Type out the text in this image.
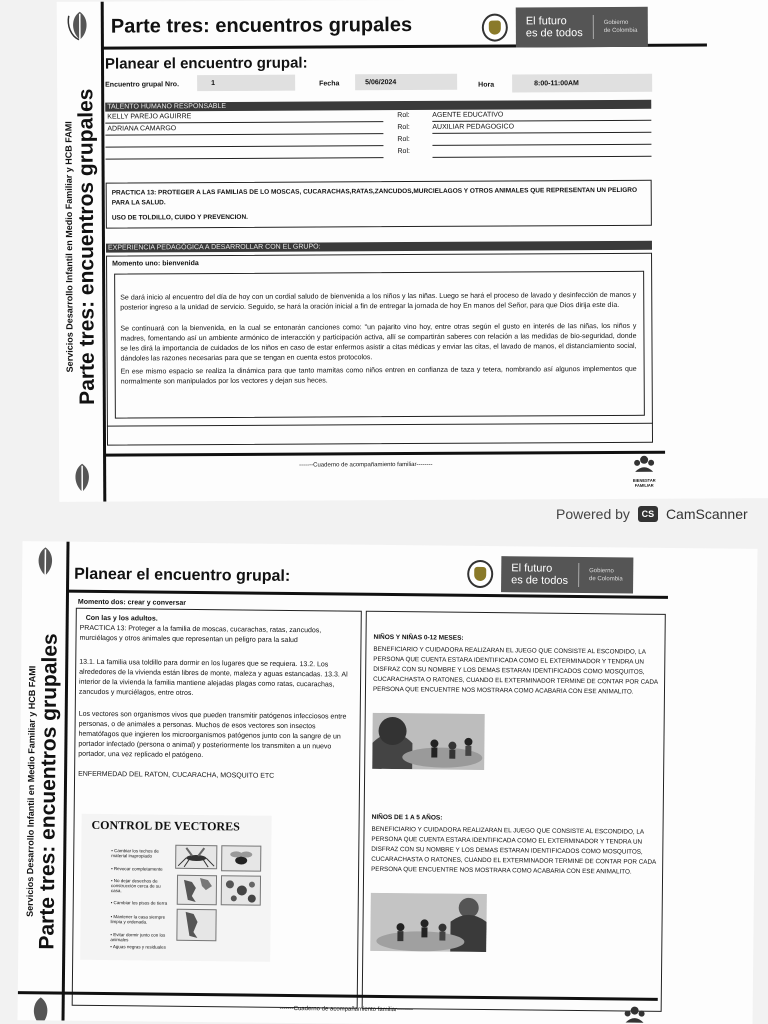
Servicios Desarrollo Infantil en Medio Familiar y HCB FAMI Parte tres: encuentros grupales
Parte tres: encuentros grupales	El futuro
es de todos
Gobierno
de Colombia
Planear el encuentro grupal:
Encuentro grupal Nro.	1	Fecha	5/06/2024	Hora	8:00-11:00AM
TALENTO HUMANO RESPONSABLE
PRACTICA 13: PROTEGER A LAS FAMILIAS DE LO MOSCAS, CUCARACHAS,RATAS,ZANCUDOS,MURCIELAGOS Y OTROS ANIMALES QUE REPRESENTAN UN PELIGRO PARA LA SALUD.
USO DE TOLDILLO, CUIDO Y PREVENCION.
EXPERIENCIA PEDAGÓGICA A DESARROLLAR CON EL GRUPO:
Momento uno: bienvenida
Se dará inicio al encuentro del día de hoy con un cordial saludo de bienvenida a los niños y las niñas. Luego se hará el proceso de lavado y desinfección de manos y posterior ingreso a la unidad de servicio. Seguido, se hará la oración inicial a fin de entregar la jornada de hoy En manos del Señor, para que Dios dirija este día.
Se continuará con la bienvenida, en la cual se entonarán canciones como: "un pajarito vino hoy, entre otras según el gusto en interés de las niñas, los niños y madres, fomentando así un ambiente armónico de interacción y participación activa, allí se compartirán saberes con relación a las medidas de bio-seguridad, donde se les dirá la importancia de cuidados de los niños en caso de estar enfermos asistir a citas médicas y enviar las citas, el lavado de manos, el distanciamiento social, dándoles las razones necesarias para que se tengan en cuenta estos protocolos.
En ese mismo espacio se realiza la dinámica para que tanto mamitas como niños entren en confianza de taza y tetera, nombrando así algunos implementos que normalmente son manipulados por los vectores y dejan sus heces.
-------Cuaderno de acompañamiento familiar--------
BIENESTAR
FAMILIAR
KELLY PAREJO AGUIRRE	Rol:	AGENTE EDUCATIVO
ADRIANA CAMARGO	Rol:	AUXILIAR PEDAGOGICO
Rol:
Rol:
Powered by	CS CamScanner
Servicios Desarrollo Infantil en Medio Familiar y HCB FAMI
Parte tres: encuentros grupales
Planear el encuentro grupal:	El futuro
es de todos
Gobierno
de Colombia
Momento dos: crear y conversar
Con las y los adultos.
PRACTICA 13: Proteger a la familia de moscas, cucarachas, ratas, zancudos, murciélagos y otros animales que representan un peligro para la salud
13.1. La familia usa toldillo para dormir en los lugares que se requiera. 13.2. Los alrededores de la vivienda están libres de monte, maleza y aguas estancadas. 13.3. Al interior de la vivienda la familia mantiene alejadas plagas como ratas, cucarachas, zancudos y murciélagos, entre otros.
Los vectores son organismos vivos que pueden transmitir patógenos infecciosos entre personas, o de animales a personas. Muchos de esos vectores son insectos hematófagos que ingieren los microorganismos patógenos junto con la sangre de un portador infectado (persona o animal) y posteriormente los transmiten a un nuevo portador, una vez replicado el patógeno.
ENFERMEDAD DEL RATON, CUCARACHA, MOSQUITO ETC
CONTROL DE VECTORES
• Cambiar los techos de material inapropiado
• Revocar completamente
• No dejar desechos de construcción cerca de su casa.
• Cambiar los pisos de tierra
• Mantener la casa siempre limpia y ordenada.
• Evitar dormir junto con los animales
• Aguas negras y residuales
NIÑOS Y NIÑAS 0-12 MESES:
BENEFICIARIO Y CUIDADORA REALIZARAN EL JUEGO QUE CONSISTE AL ESCONDIDO, LA PERSONA QUE CUENTA ESTARA IDENTIFICADA COMO EL EXTERMINADOR Y TENDRA UN DISFRAZ CON SU NOMBRE Y LOS DEMAS ESTARAN IDENTIFICADOS COMO MOSQUITOS, CUCARACHASTA O RATONES, CUANDO EL EXTERMINADOR TERMINE DE CONTAR POR CADA PERSONA QUE ENCUENTRE NOS MOSTRARA COMO ACABARIA CON ESE ANIMALITO.
NIÑOS DE 1 A 5 AÑOS:
BENEFICIARIO Y CUIDADORA REALIZARAN EL JUEGO QUE CONSISTE AL ESCONDIDO, LA PERSONA QUE CUENTA ESTARA IDENTIFICADA COMO EL EXTERMINADOR Y TENDRA UN DISFRAZ CON SU NOMBRE Y LOS DEMAS ESTARAN IDENTIFICADOS COMO MOSQUITOS, CUCARACHASTA O RATONES, CUANDO EL EXTERMINADOR TERMINE DE CONTAR POR CADA PERSONA QUE ENCUENTRE NOS MOSTRARA COMO ACABARIA CON ESE ANIMALITO.
-------Cuaderno de acompañamiento familiar--------
